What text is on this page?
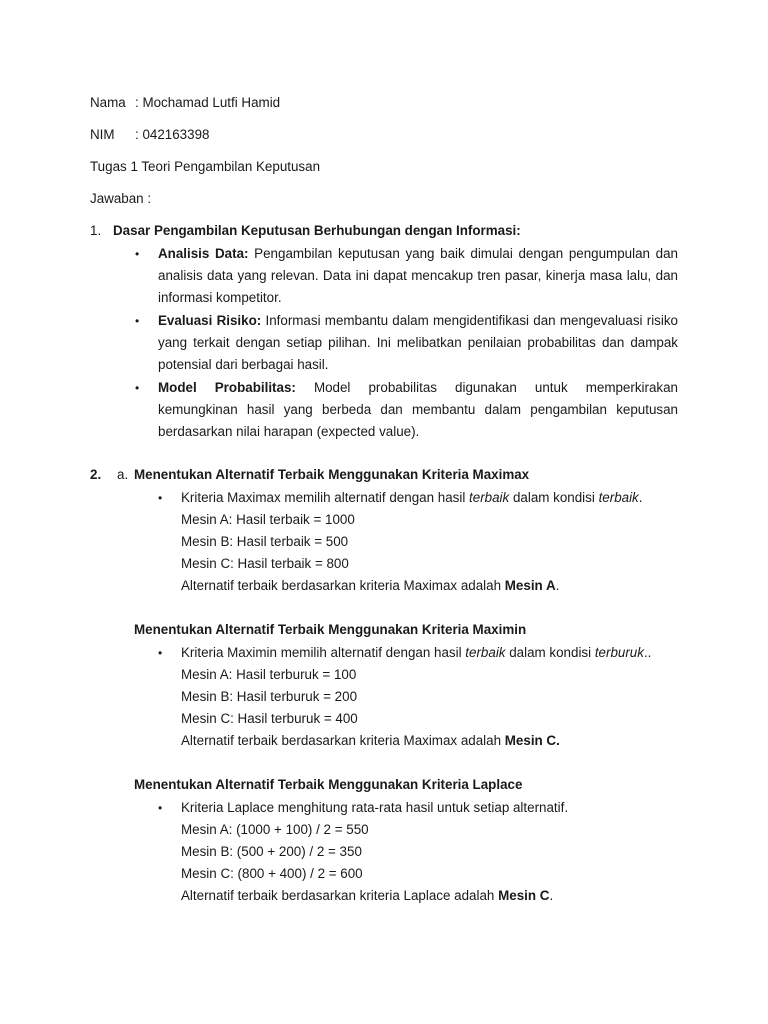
Nama : Mochamad Lutfi Hamid
NIM : 042163398
Tugas 1 Teori Pengambilan Keputusan
Jawaban :
1. Dasar Pengambilan Keputusan Berhubungan dengan Informasi:
• Analisis Data: Pengambilan keputusan yang baik dimulai dengan pengumpulan dan
analisis data yang relevan. Data ini dapat mencakup tren pasar, kinerja masa lalu, dan
informasi kompetitor.
• Evaluasi Risiko: Informasi membantu dalam mengidentifikasi dan mengevaluasi risiko
yang terkait dengan setiap pilihan. Ini melibatkan penilaian probabilitas dan dampak
potensial dari berbagai hasil.
• Model Probabilitas: Model probabilitas digunakan untuk memperkirakan
kemungkinan hasil yang berbeda dan membantu dalam pengambilan keputusan
berdasarkan nilai harapan (expected value).
2. a. Menentukan Alternatif Terbaik Menggunakan Kriteria Maximax
• Kriteria Maximax memilih alternatif dengan hasil terbaik dalam kondisi terbaik.
Mesin A: Hasil terbaik = 1000
Mesin B: Hasil terbaik = 500
Mesin C: Hasil terbaik = 800
Alternatif terbaik berdasarkan kriteria Maximax adalah Mesin A.
Menentukan Alternatif Terbaik Menggunakan Kriteria Maximin
• Kriteria Maximin memilih alternatif dengan hasil terbaik dalam kondisi terburuk..
Mesin A: Hasil terburuk = 100
Mesin B: Hasil terburuk = 200
Mesin C: Hasil terburuk = 400
Alternatif terbaik berdasarkan kriteria Maximax adalah Mesin C.
Menentukan Alternatif Terbaik Menggunakan Kriteria Laplace
• Kriteria Laplace menghitung rata-rata hasil untuk setiap alternatif.
Mesin A: (1000 + 100) / 2 = 550
Mesin B: (500 + 200) / 2 = 350
Mesin C: (800 + 400) / 2 = 600
Alternatif terbaik berdasarkan kriteria Laplace adalah Mesin C.
